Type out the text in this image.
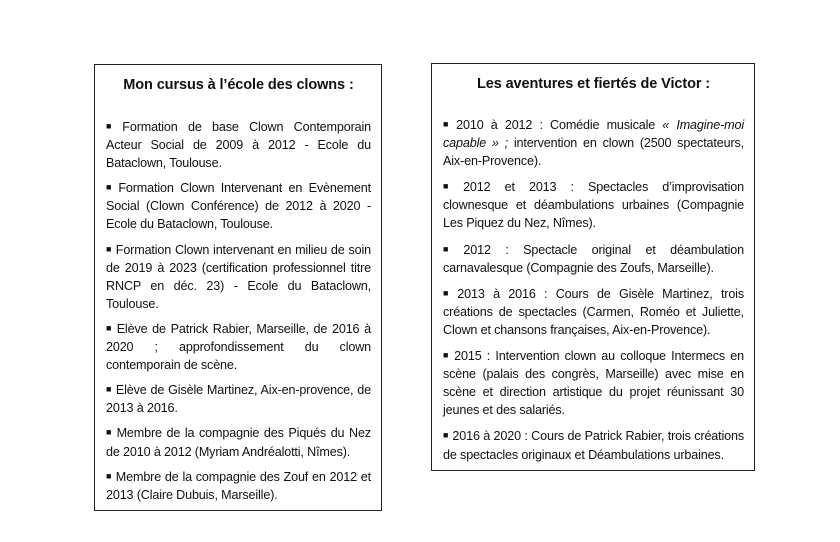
Mon cursus à l’école des clowns :
■ Formation de base Clown Contemporain Acteur Social de 2009 à 2012 - Ecole du Bataclown, Toulouse.
■ Formation Clown Intervenant en Evènement Social (Clown Conférence) de 2012 à 2020 - Ecole du Bataclown, Toulouse.
■ Formation Clown intervenant en milieu de soin de 2019 à 2023 (certification professionnel titre RNCP en déc. 23) - Ecole du Bataclown, Toulouse.
■ Elève de Patrick Rabier, Marseille, de 2016 à 2020 ; approfondissement du clown contemporain de scène.
■ Elève de Gisèle Martinez, Aix-en-provence, de 2013 à 2016.
■ Membre de la compagnie des Piqués du Nez de 2010 à 2012 (Myriam Andréalotti, Nîmes).
■ Membre de la compagnie des Zouf en 2012 et 2013 (Claire Dubuis, Marseille).
Les aventures et fiertés de Victor :
■ 2010 à 2012 : Comédie musicale « Imagine-moi capable » ; intervention en clown (2500 spectateurs, Aix-en-Provence).
■ 2012 et 2013 : Spectacles d’improvisation clownesque et déambulations urbaines (Compagnie Les Piquez du Nez, Nîmes).
■ 2012 : Spectacle original et déambulation carnavalesque (Compagnie des Zoufs, Marseille).
■ 2013 à 2016 : Cours de Gisèle Martinez, trois créations de spectacles (Carmen, Roméo et Juliette, Clown et chansons françaises, Aix-en-Provence).
■ 2015 : Intervention clown au colloque Intermecs en scène (palais des congrès, Marseille) avec mise en scène et direction artistique du projet réunissant 30 jeunes et des salariés.
■ 2016 à 2020 : Cours de Patrick Rabier, trois créations de spectacles originaux et Déambulations urbaines.
